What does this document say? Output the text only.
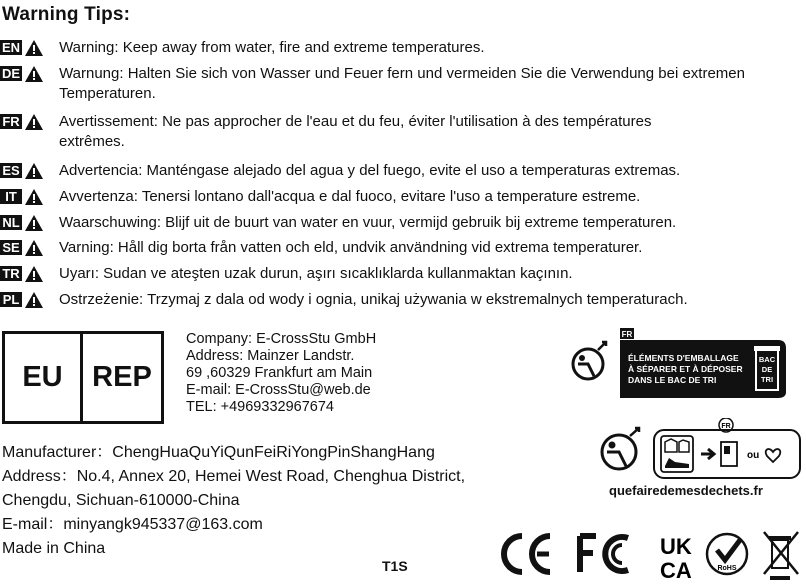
Warning Tips:
EN	Warning: Keep away from water, fire and extreme temperatures.
DE	Warnung: Halten Sie sich von Wasser und Feuer fern und vermeiden Sie die Verwendung bei extremen Temperaturen.
FR	Avertissement: Ne pas approcher de l'eau et du feu, éviter l'utilisation à des températures extrêmes.
ES	Advertencia: Manténgase alejado del agua y del fuego, evite el uso a temperaturas extremas.
IT	Avvertenza: Tenersi lontano dall'acqua e dal fuoco, evitare l'uso a temperature estreme.
NL	Waarschuwing: Blijf uit de buurt van water en vuur, vermijd gebruik bij extreme temperaturen.
SE	Varning: Håll dig borta från vatten och eld, undvik användning vid extrema temperaturer.
TR	Uyarı: Sudan ve ateşten uzak durun, aşırı sıcaklıklarda kullanmaktan kaçının.
PL	Ostrzeżenie: Trzymaj z dala od wody i ognia, unikaj używania w ekstremalnych temperaturach.
EU	REP
Company: E-CrossStu GmbH
Address: Mainzer Landstr.
69 ,60329 Frankfurt am Main
E-mail: E-CrossStu@web.de
TEL: +4969332967674
Manufacturer：ChengHuaQuYiQunFeiRiYongPinShangHang
Address：No.4, Annex 20, Hemei West Road, Chenghua District,
Chengdu, Sichuan-610000-China
E-mail：minyangk945337@163.com
Made in China
T1S
FR
ÉLÉMENTS D'EMBALLAGE
À SÉPARER ET À DÉPOSER
DANS LE BAC DE TRI
BAC
DE
TRI
FR
ou
quefairedemesdechets.fr
UK
CA	RoHS
